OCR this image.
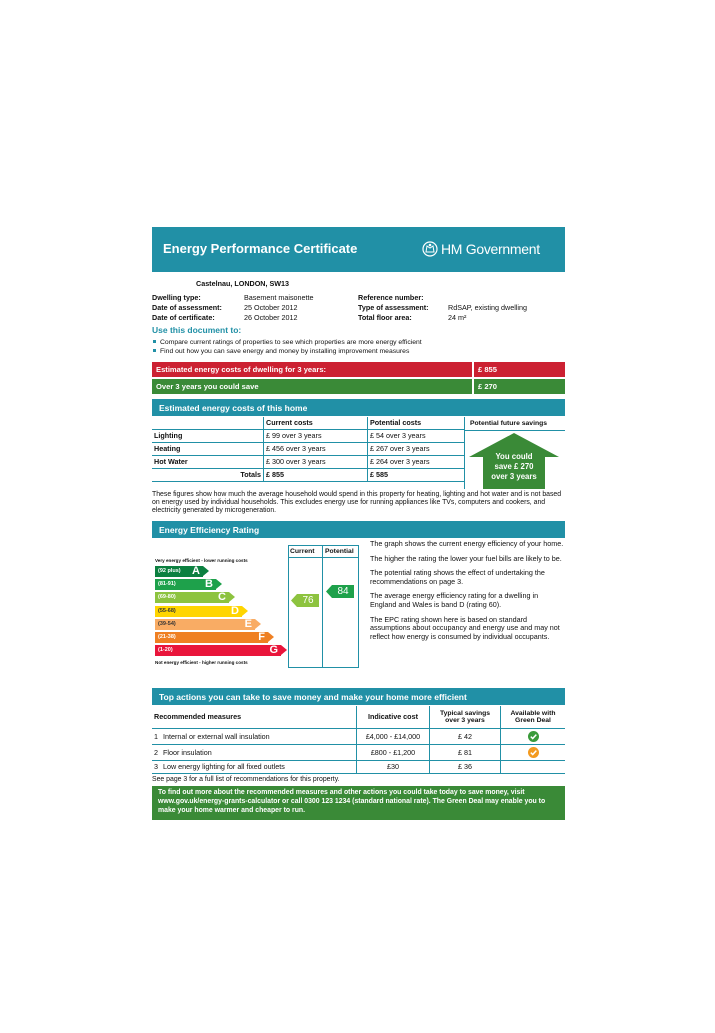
Energy Performance Certificate	HM Government
Castelnau, LONDON, SW13
Dwelling type:	Basement maisonette
Date of assessment:	25 October 2012
Date of certificate:	26 October 2012
Reference number:
Type of assessment:	RdSAP, existing dwelling
Total floor area:	24 m²
Use this document to:
Compare current ratings of properties to see which properties are more energy efficient
Find out how you can save energy and money by installing improvement measures
Estimated energy costs of dwelling for 3 years:	£ 855
Over 3 years you could save	£ 270
Estimated energy costs of this home
	Current costs	Potential costs
Lighting	£ 99 over 3 years	£ 54 over 3 years
Heating	£ 456 over 3 years	£ 267 over 3 years
Hot Water	£ 300 over 3 years	£ 264 over 3 years
Totals	£ 855	£ 585
Potential future savings
You could
save £ 270
over 3 years
These figures show how much the average household would spend in this property for heating, lighting and hot water and is not based on energy used by individual households. This excludes energy use for running appliances like TVs, computers and cookers, and electricity generated by microgeneration.
Energy Efficiency Rating
Current Potential
Very energy efficient - lower running costs
(92 plus) A
(81-91)	B
(69-80)	C
(55-68)	D
(39-54)	E
(21-38)	F
(1-20)	G
Not energy efficient - higher running costs
76
84
The graph shows the current energy efficiency of your home.
The higher the rating the lower your fuel bills are likely to be.
The potential rating shows the effect of undertaking the recommendations on page 3.
The average energy efficiency rating for a dwelling in England and Wales is band D (rating 60).
The EPC rating shown here is based on standard assumptions about occupancy and energy use and may not reflect how energy is consumed by individual occupants.
Top actions you can take to save money and make your home more efficient
Recommended measures	Indicative cost	Typical savings over 3 years	Available with Green Deal
1 Internal or external wall insulation	£4,000 - £14,000	£ 42	
2 Floor insulation	£800 - £1,200	£ 81	
3 Low energy lighting for all fixed outlets	£30	£ 36	
See page 3 for a full list of recommendations for this property.
To find out more about the recommended measures and other actions you could take today to save money, visit www.gov.uk/energy-grants-calculator or call 0300 123 1234 (standard national rate). The Green Deal may enable you to make your home warmer and cheaper to run.
